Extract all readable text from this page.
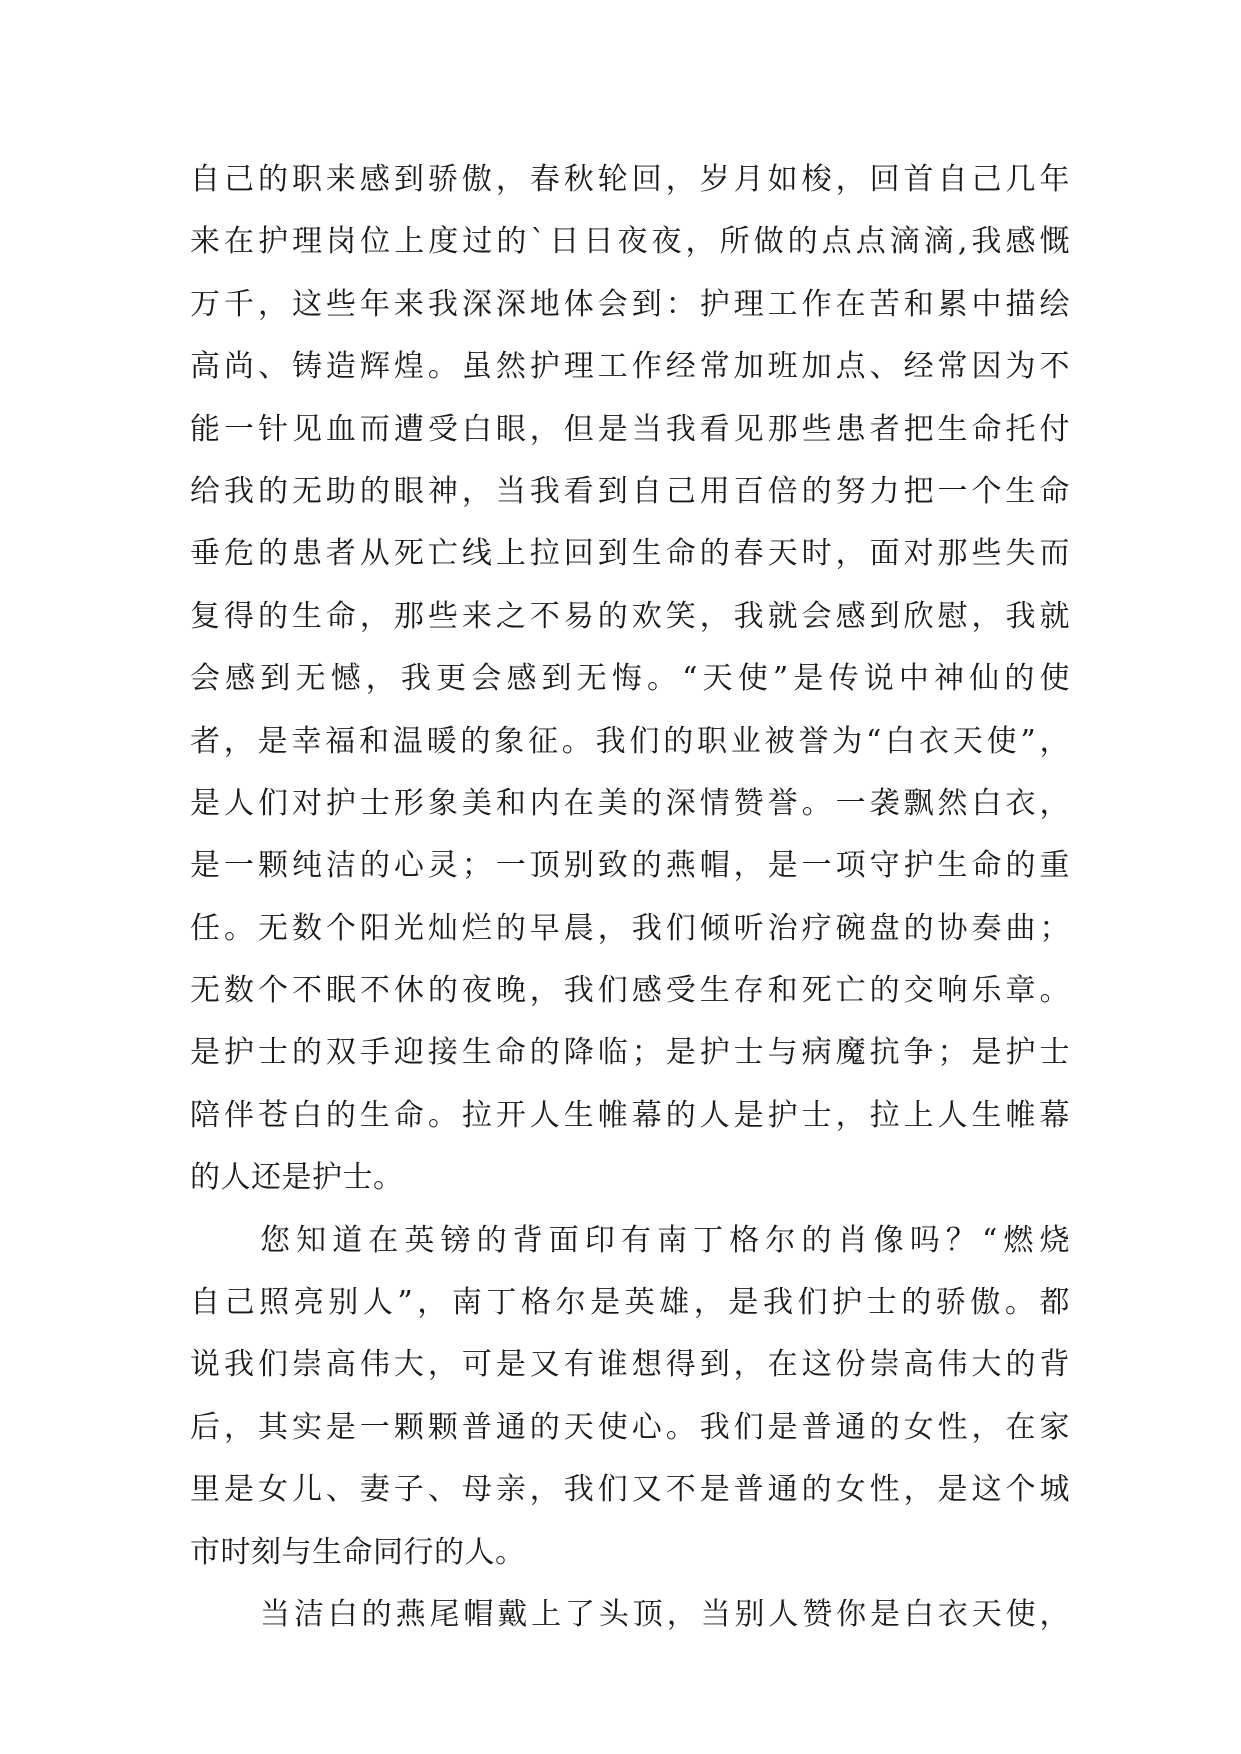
自己的职来感到骄傲，春秋轮回，岁月如梭，回首自己几年
来在护理岗位上度过的`日日夜夜，所做的点点滴滴,我感慨
万千，这些年来我深深地体会到：护理工作在苦和累中描绘
高尚、铸造辉煌。虽然护理工作经常加班加点、经常因为不
能一针见血而遭受白眼，但是当我看见那些患者把生命托付
给我的无助的眼神，当我看到自己用百倍的努力把一个生命
垂危的患者从死亡线上拉回到生命的春天时，面对那些失而
复得的生命，那些来之不易的欢笑，我就会感到欣慰，我就
会感到无憾，我更会感到无悔。“天使”是传说中神仙的使
者，是幸福和温暖的象征。我们的职业被誉为“白衣天使”，
是人们对护士形象美和内在美的深情赞誉。一袭飘然白衣，
是一颗纯洁的心灵；一顶别致的燕帽，是一项守护生命的重
任。无数个阳光灿烂的早晨，我们倾听治疗碗盘的协奏曲；
无数个不眠不休的夜晚，我们感受生存和死亡的交响乐章。
是护士的双手迎接生命的降临；是护士与病魔抗争；是护士
陪伴苍白的生命。拉开人生帷幕的人是护士，拉上人生帷幕
的人还是护士。
您知道在英镑的背面印有南丁格尔的肖像吗？“燃烧
自己照亮别人”，南丁格尔是英雄，是我们护士的骄傲。都
说我们崇高伟大，可是又有谁想得到，在这份崇高伟大的背
后，其实是一颗颗普通的天使心。我们是普通的女性，在家
里是女儿、妻子、母亲，我们又不是普通的女性，是这个城
市时刻与生命同行的人。
当洁白的燕尾帽戴上了头顶，当别人赞你是白衣天使，
